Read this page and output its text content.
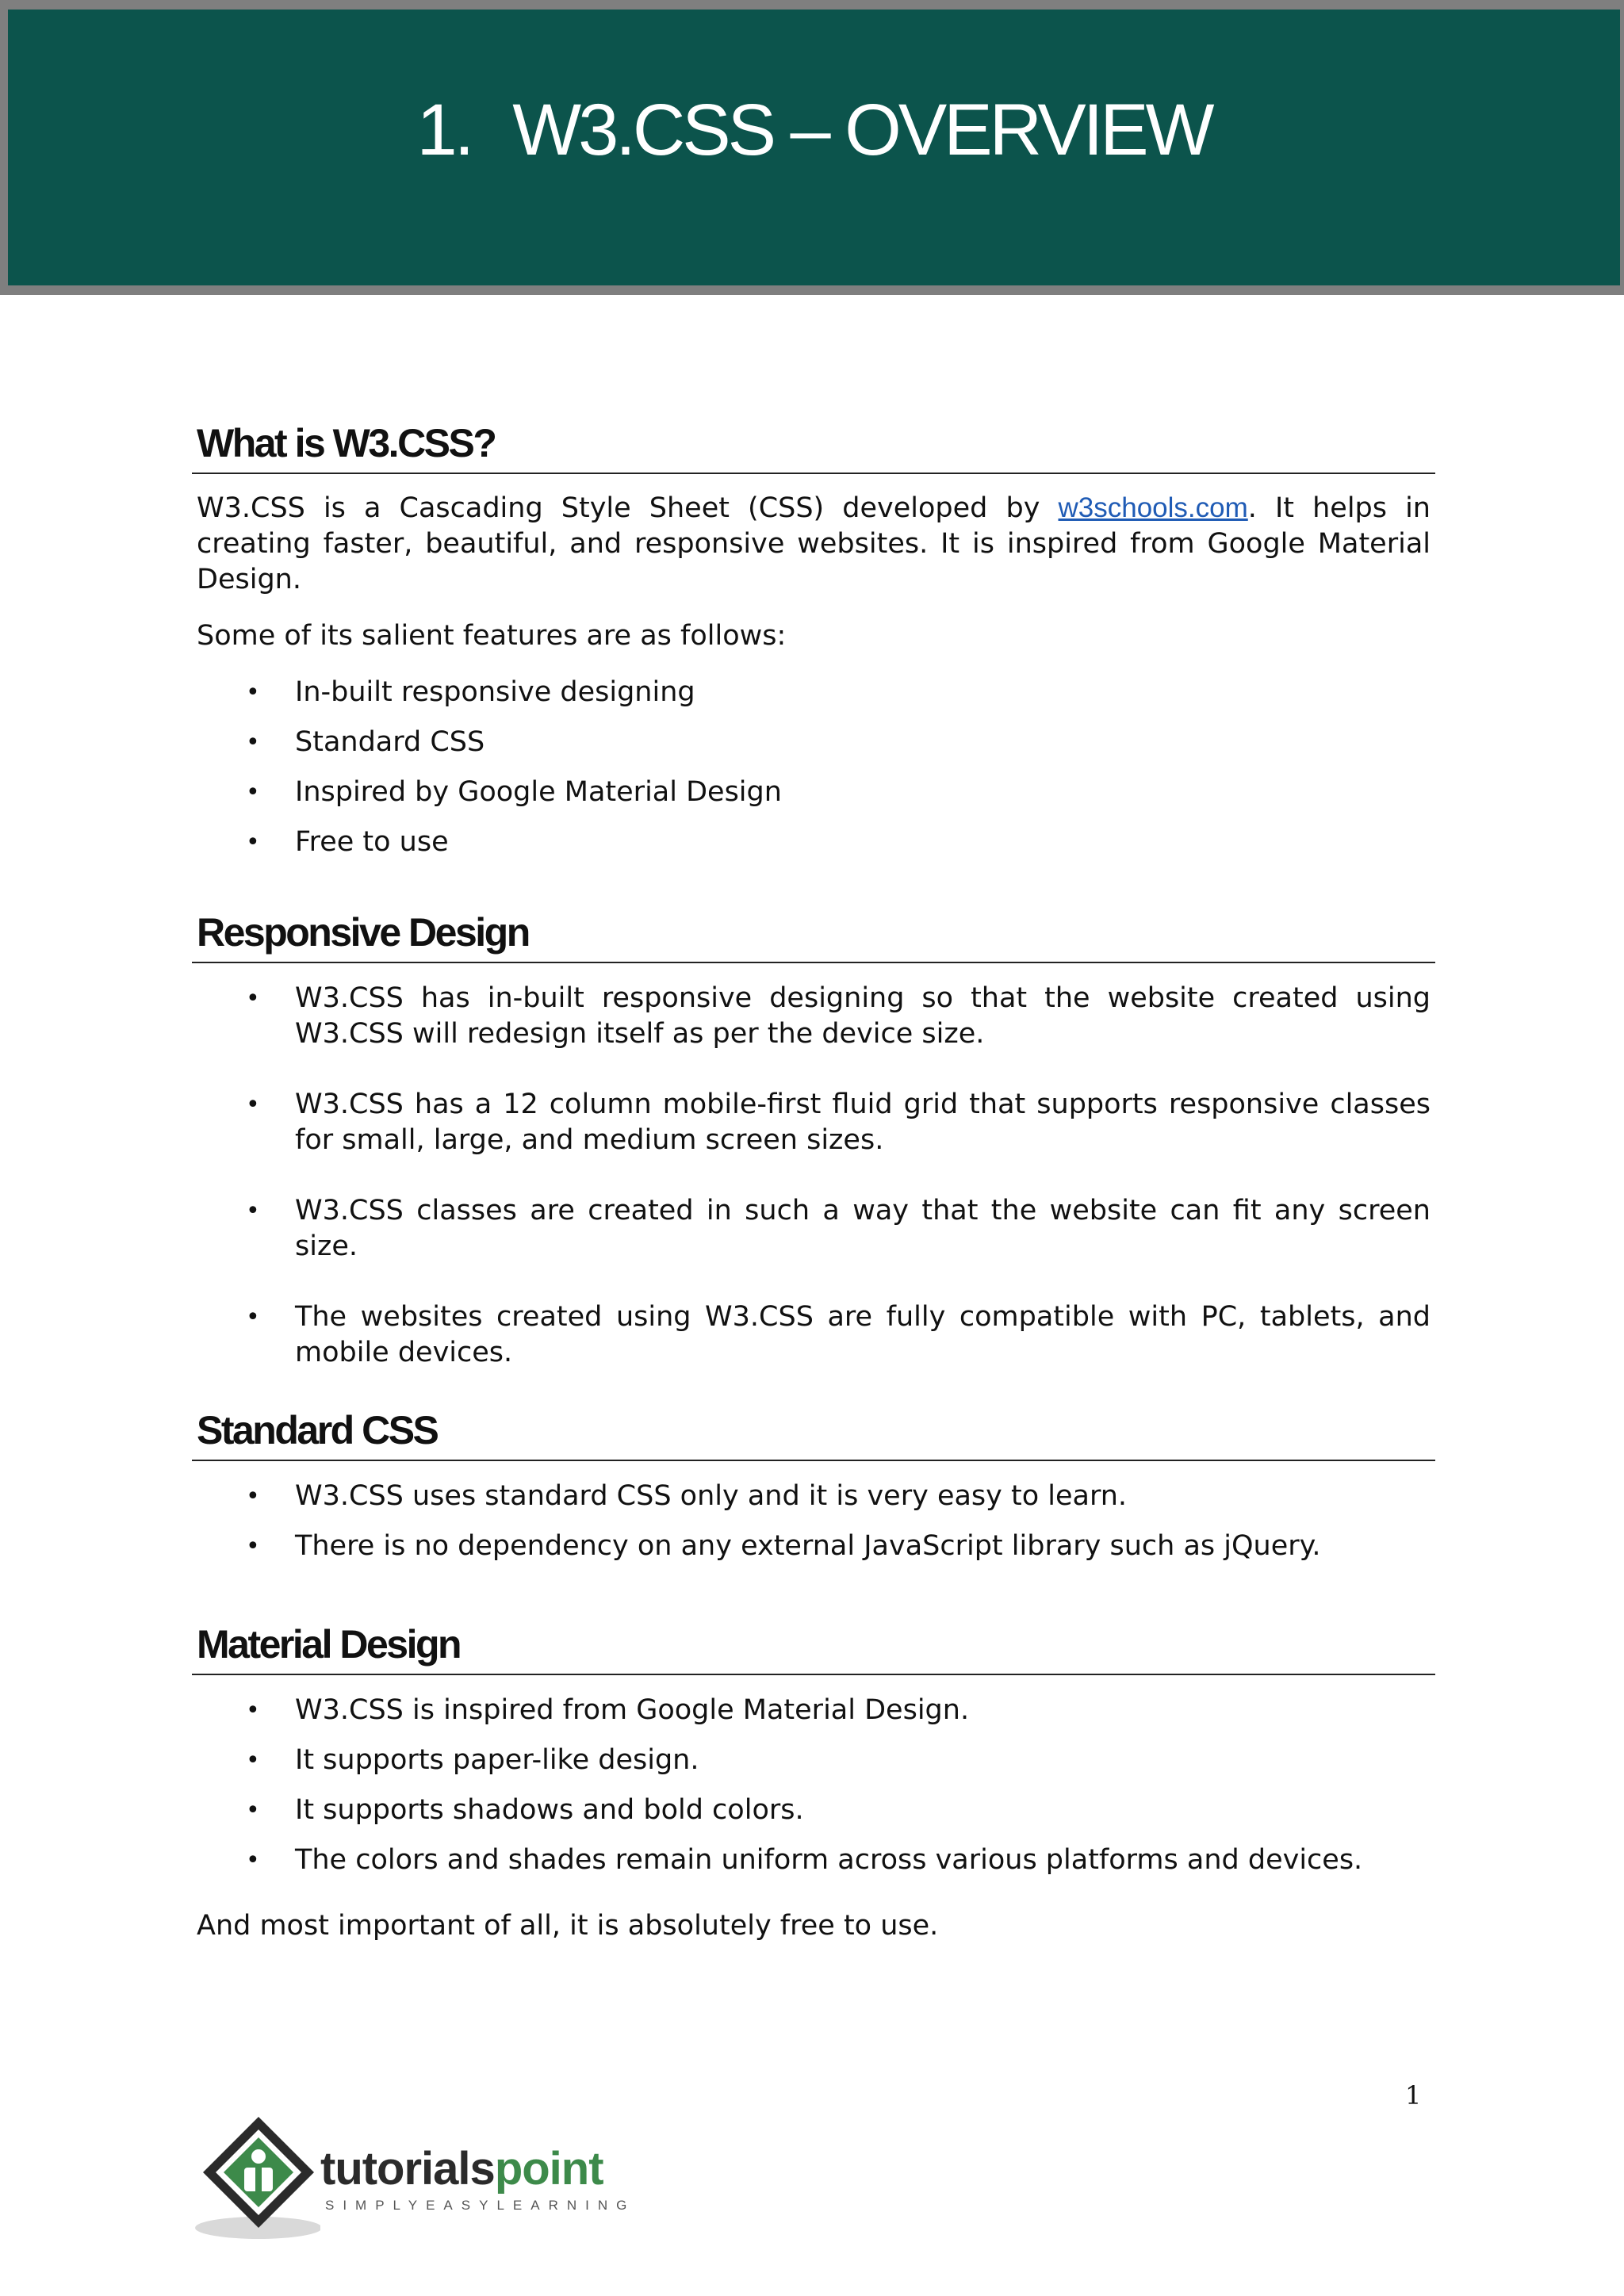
1. W3.CSS – OVERVIEW
What is W3.CSS?

W3.CSS is a Cascading Style Sheet (CSS) developed by w3schools.com. It helps in creating faster, beautiful, and responsive websites. It is inspired from Google Material Design.

Some of its salient features are as follows:

• In-built responsive designing
• Standard CSS
• Inspired by Google Material Design
• Free to use
Responsive Design
• W3.CSS has in-built responsive designing so that the website created using W3.CSS will redesign itself as per the device size.
• W3.CSS has a 12 column mobile-first fluid grid that supports responsive classes for small, large, and medium screen sizes.
• W3.CSS classes are created in such a way that the website can fit any screen size.
• The websites created using W3.CSS are fully compatible with PC, tablets, and mobile devices.
Standard CSS
• W3.CSS uses standard CSS only and it is very easy to learn.
• There is no dependency on any external JavaScript library such as jQuery.
Material Design
• W3.CSS is inspired from Google Material Design.
• It supports paper-like design.
• It supports shadows and bold colors.
• The colors and shades remain uniform across various platforms and devices.

And most important of all, it is absolutely free to use.

1
tutorialspoint
SIMPLYEASYLEARNING
